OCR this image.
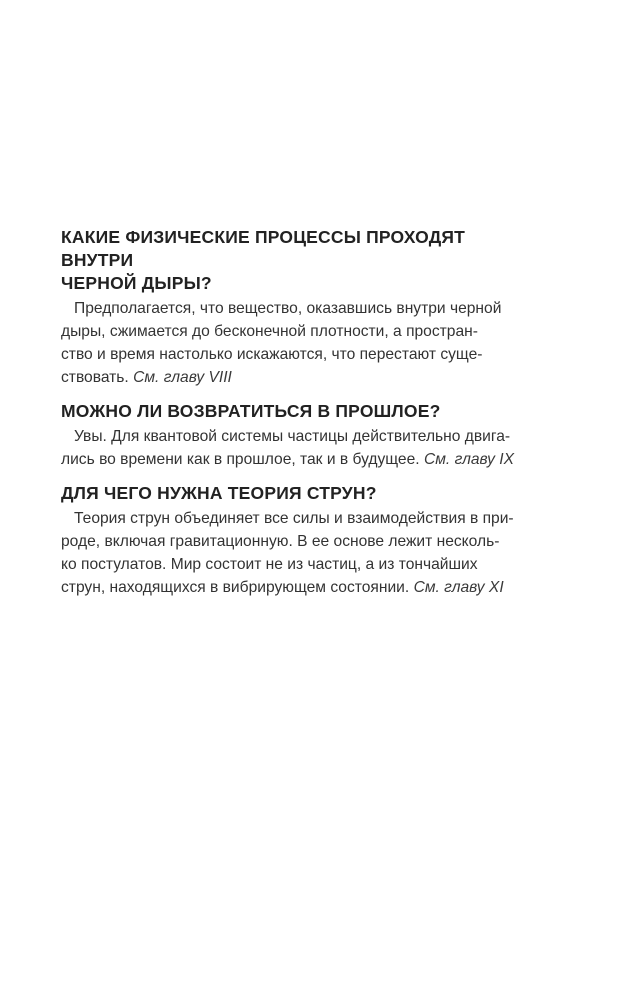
КАКИЕ ФИЗИЧЕСКИЕ ПРОЦЕССЫ ПРОХОДЯТ ВНУТРИ
ЧЕРНОЙ ДЫРЫ?

Предполагается, что вещество, оказавшись внутри черной
дыры, сжимается до бесконечной плотности, а простран-
ство и время настолько искажаются, что перестают суще-
ствовать. См. главу VIII

МОЖНО ЛИ ВОЗВРАТИТЬСЯ В ПРОШЛОЕ?

Увы. Для квантовой системы частицы действительно двига-
лись во времени как в прошлое, так и в будущее. См. главу IX

ДЛЯ ЧЕГО НУЖНА ТЕОРИЯ СТРУН?

Теория струн объединяет все силы и взаимодействия в при-
роде, включая гравитационную. В ее основе лежит несколь-
ко постулатов. Мир состоит не из частиц, а из тончайших
струн, находящихся в вибрирующем состоянии. См. главу XI
